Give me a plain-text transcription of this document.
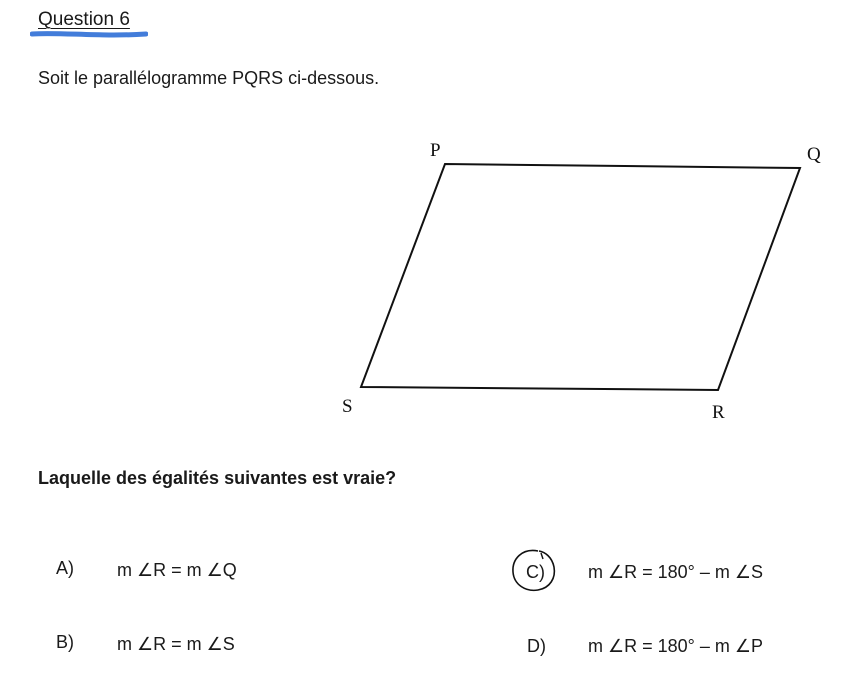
Question 6
Soit le parallélogramme PQRS ci-dessous.
P	Q
R
S
Laquelle des égalités suivantes est vraie?
A) m ∠R = m ∠Q	C) m ∠R = 180° – m ∠S
B) m ∠R = m ∠S	D) m ∠R = 180° – m ∠P
